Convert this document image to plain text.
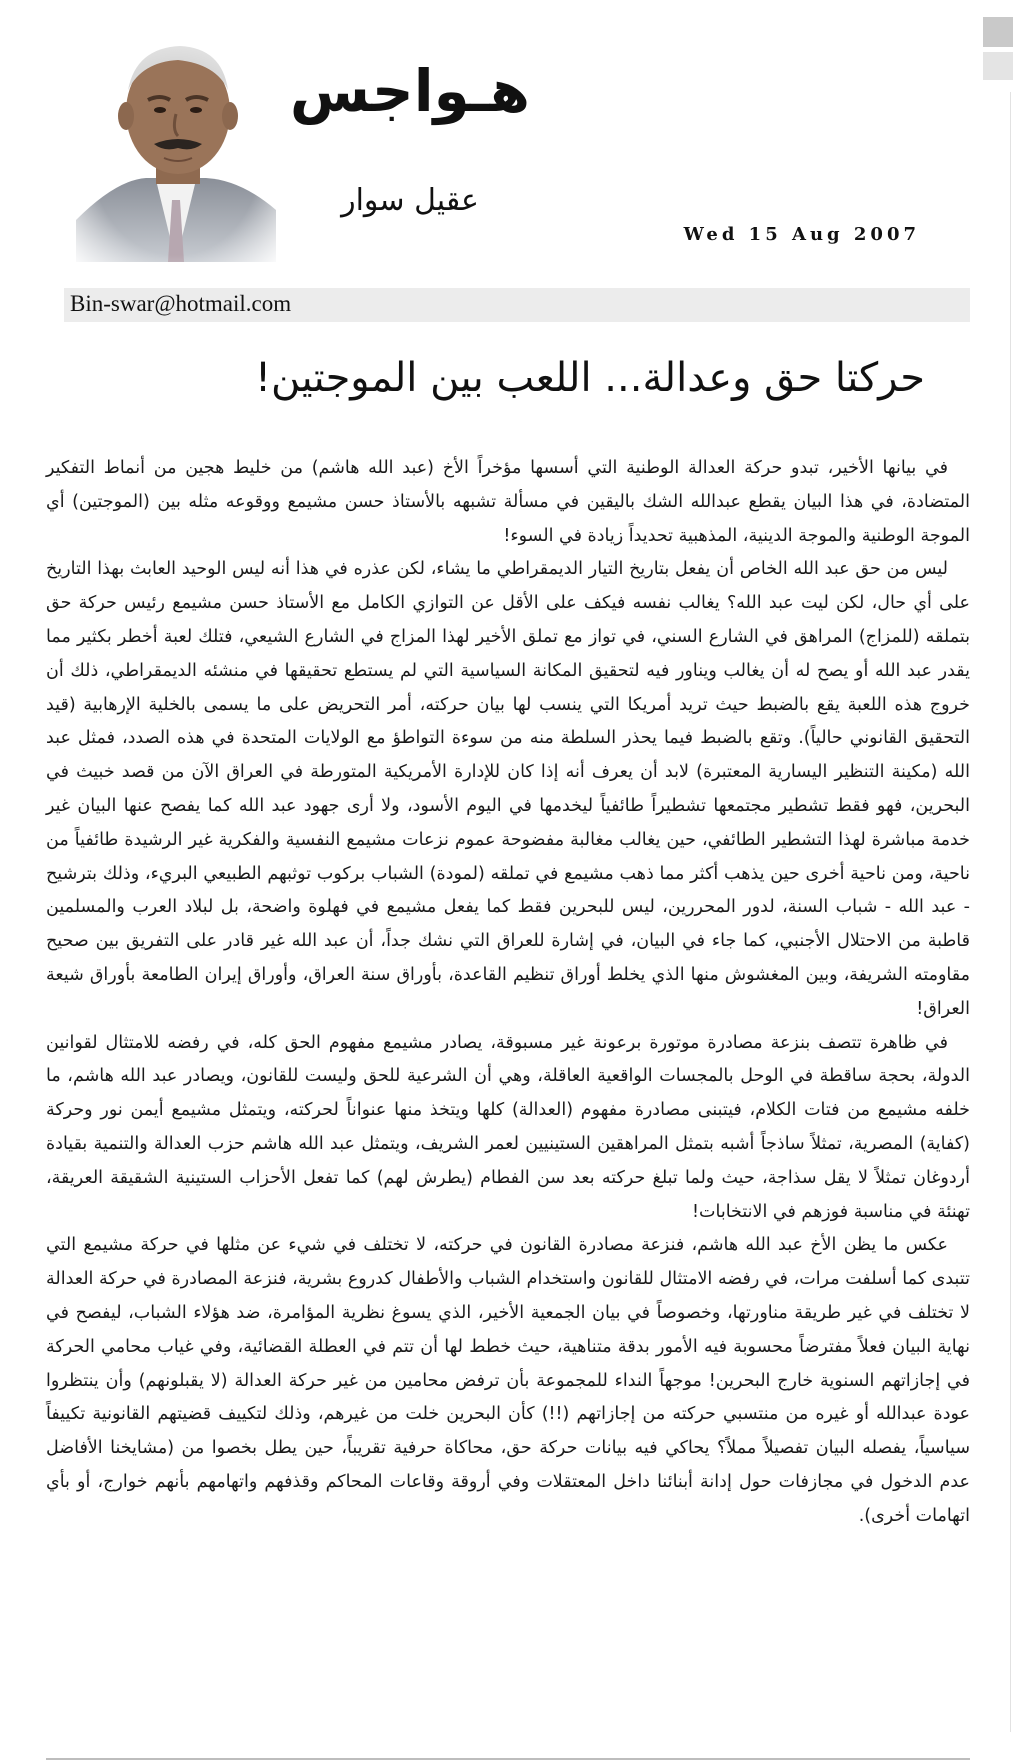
هـواجس
عقيل سوار
Wed 15 Aug 2007
Bin-swar@hotmail.com
حركتا حق وعدالة... اللعب بين الموجتين!

في بيانها الأخير، تبدو حركة العدالة الوطنية التي أسسها مؤخراً الأخ (عبد الله هاشم) من خليط هجين من أنماط التفكير المتضادة، في هذا البيان يقطع عبدالله الشك باليقين في مسألة تشبهه بالأستاذ حسن مشيمع ووقوعه مثله بين (الموجتين) أي الموجة الوطنية والموجة الدينية، المذهبية تحديداً زيادة في السوء!

ليس من حق عبد الله الخاص أن يفعل بتاريخ التيار الديمقراطي ما يشاء، لكن عذره في هذا أنه ليس الوحيد العابث بهذا التاريخ على أي حال، لكن ليت عبد الله؟ يغالب نفسه فيكف على الأقل عن التوازي الكامل مع الأستاذ حسن مشيمع رئيس حركة حق بتملقه (للمزاج) المراهق في الشارع السني، في تواز مع تملق الأخير لهذا المزاج في الشارع الشيعي، فتلك لعبة أخطر بكثير مما يقدر عبد الله أو يصح له أن يغالب ويناور فيه لتحقيق المكانة السياسية التي لم يستطع تحقيقها في منشئه الديمقراطي، ذلك أن خروج هذه اللعبة يقع بالضبط حيث تريد أمريكا التي ينسب لها بيان حركته، أمر التحريض على ما يسمى بالخلية الإرهابية (قيد التحقيق القانوني حالياً). وتقع بالضبط فيما يحذر السلطة منه من سوءة التواطؤ مع الولايات المتحدة في هذه الصدد، فمثل عبد الله (مكينة التنظير اليسارية المعتبرة) لابد أن يعرف أنه إذا كان للإدارة الأمريكية المتورطة في العراق الآن من قصد خبيث في البحرين، فهو فقط تشطير مجتمعها تشطيراً طائفياً ليخدمها في اليوم الأسود، ولا أرى جهود عبد الله كما يفصح عنها البيان غير خدمة مباشرة لهذا التشطير الطائفي، حين يغالب مغالبة مفضوحة عموم نزعات مشيمع النفسية والفكرية غير الرشيدة طائفياً من ناحية، ومن ناحية أخرى حين يذهب أكثر مما ذهب مشيمع في تملقه (لمودة) الشباب بركوب توثبهم الطبيعي البريء، وذلك بترشيح - عبد الله - شباب السنة، لدور المحررين، ليس للبحرين فقط كما يفعل مشيمع في فهلوة واضحة، بل لبلاد العرب والمسلمين قاطبة من الاحتلال الأجنبي، كما جاء في البيان، في إشارة للعراق التي نشك جداً، أن عبد الله غير قادر على التفريق بين صحيح مقاومته الشريفة، وبين المغشوش منها الذي يخلط أوراق تنظيم القاعدة، بأوراق سنة العراق، وأوراق إيران الطامعة بأوراق شيعة العراق!

في ظاهرة تتصف بنزعة مصادرة موتورة برعونة غير مسبوقة، يصادر مشيمع مفهوم الحق كله، في رفضه للامتثال لقوانين الدولة، بحجة ساقطة في الوحل بالمجسات الواقعية العاقلة، وهي أن الشرعية للحق وليست للقانون، ويصادر عبد الله هاشم، ما خلفه مشيمع من فتات الكلام، فيتبنى مصادرة مفهوم (العدالة) كلها ويتخذ منها عنواناً لحركته، ويتمثل مشيمع أيمن نور وحركة (كفاية) المصرية، تمثلاً ساذجاً أشبه بتمثل المراهقين الستينيين لعمر الشريف، ويتمثل عبد الله هاشم حزب العدالة والتنمية بقيادة أردوغان تمثلاً لا يقل سذاجة، حيث ولما تبلغ حركته بعد سن الفطام (يطرش لهم) كما تفعل الأحزاب الستينية الشقيقة العريقة، تهنئة في مناسبة فوزهم في الانتخابات!

عكس ما يظن الأخ عبد الله هاشم، فنزعة مصادرة القانون في حركته، لا تختلف في شيء عن مثلها في حركة مشيمع التي تتبدى كما أسلفت مرات، في رفضه الامتثال للقانون واستخدام الشباب والأطفال كدروع بشرية، فنزعة المصادرة في حركة العدالة لا تختلف في غير طريقة مناورتها، وخصوصاً في بيان الجمعية الأخير، الذي يسوغ نظرية المؤامرة، ضد هؤلاء الشباب، ليفصح في نهاية البيان فعلاً مفترضاً محسوبة فيه الأمور بدقة متناهية، حيث خطط لها أن تتم في العطلة القضائية، وفي غياب محامي الحركة في إجازاتهم السنوية خارج البحرين! موجهاً النداء للمجموعة بأن ترفض محامين من غير حركة العدالة (لا يقبلونهم) وأن ينتظروا عودة عبدالله أو غيره من منتسبي حركته من إجازاتهم (!!) كأن البحرين خلت من غيرهم، وذلك لتكييف قضيتهم القانونية تكييفاً سياسياً، يفصله البيان تفصيلاً مملاً؟ يحاكي فيه بيانات حركة حق، محاكاة حرفية تقريباً، حين يطل بخصوا من (مشايخنا الأفاضل عدم الدخول في مجازفات حول إدانة أبنائنا داخل المعتقلات وفي أروقة وقاعات المحاكم وقذفهم واتهامهم بأنهم خوارج، أو بأي اتهامات أخرى).
